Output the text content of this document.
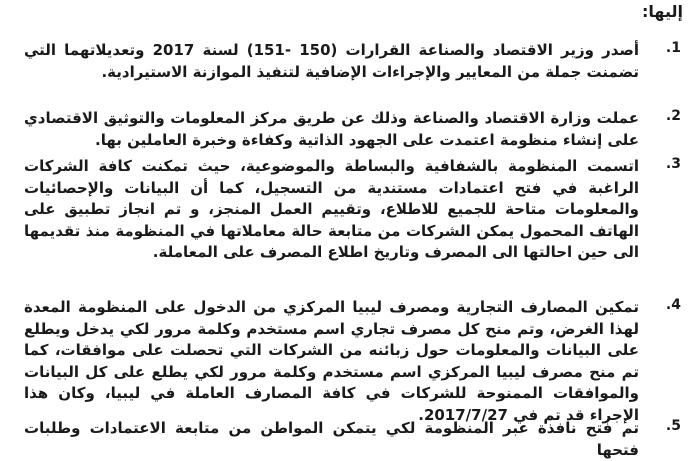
إليها:
1.
أصدر وزير الاقتصاد والصناعة القرارات (150 -151) لسنة 2017 وتعديلاتهما التي تضمنت جملة من المعايير والإجراءات الإضافية لتنفيذ الموازنة الاستيرادية.
2.
عملت وزارة الاقتصاد والصناعة وذلك عن طريق مركز المعلومات والتوثيق الاقتصادي على إنشاء منظومة اعتمدت على الجهود الذاتية وكفاءة وخبرة العاملين بها.
3.
اتسمت المنظومة بالشفافية والبساطة والموضوعية، حيث تمكنت كافة الشركات الراغبة في فتح اعتمادات مستندية من التسجيل، كما أن البيانات والإحصائيات والمعلومات متاحة للجميع للاطلاع، وتقييم العمل المنجز، و تم انجاز تطبيق على الهاتف المحمول يمكن الشركات من متابعة حالة معاملاتها في المنظومة منذ تقديمها الى حين احالتها الى المصرف وتاريخ اطلاع المصرف على المعاملة.
4.
تمكين المصارف التجارية ومصرف ليبيا المركزي من الدخول على المنظومة المعدة لهذا الغرض، وتم منح كل مصرف تجاري اسم مستخدم وكلمة مرور لكي يدخل ويطلع على البيانات والمعلومات حول زبائنه من الشركات التي تحصلت على موافقات، كما تم منح مصرف ليبيا المركزي اسم مستخدم وكلمة مرور لكي يطلع على كل البيانات والموافقات الممنوحة للشركات في كافة المصارف العاملة في ليبيا، وكان هذا الإجراء قد تم في 2017/7/27.
5.
تم فتح نافذة عبر المنظومة لكي يتمكن المواطن من متابعة الاعتمادات وطلبات فتحها
